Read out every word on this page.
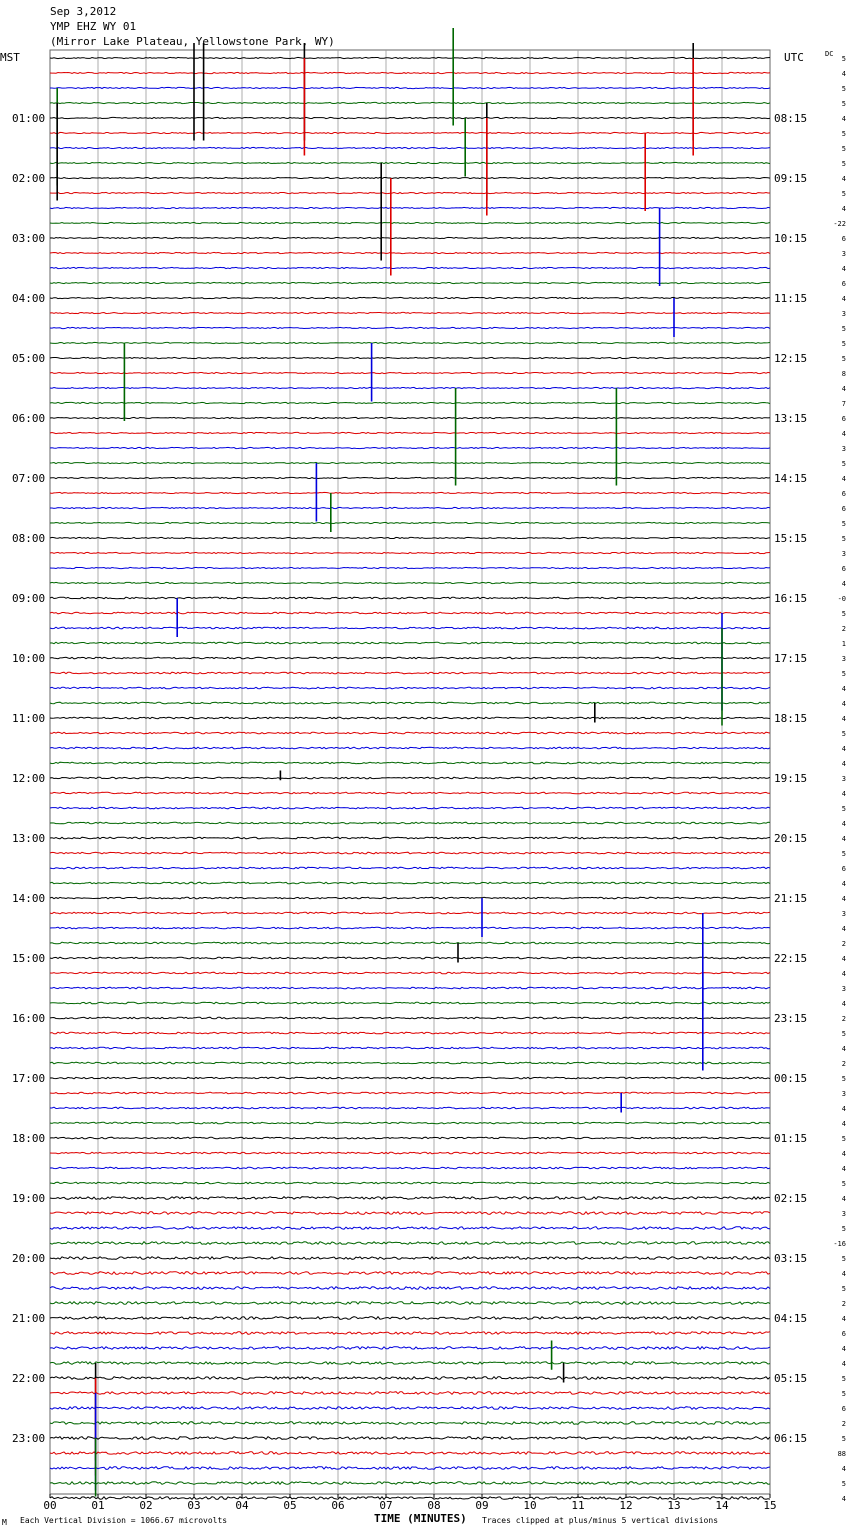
Sep 3,2012
YMP EHZ WY 01
(Mirror Lake Plateau, Yellowstone Park, WY)
MST	UTC	DC
01:00
02:00
03:00
04:00
05:00
06:00
07:00
08:00
09:00
10:00
11:00
12:00
13:00
14:00
15:00
16:00
17:00
18:00
19:00
20:00
21:00
22:00
23:00
08:15
09:15
10:15
11:15
12:15
13:15
14:15
15:15
16:15
17:15
18:15
19:15
20:15
21:15
22:15
23:15
00:15
01:15
02:15
03:15
04:15
05:15
06:15
5
4
5
5
4
5
5
5
4
5
4
-22
6
3
4
6
4
3
5
5
5
8
4
7
6
4
3
5
4
6
6
5
5
3
6
4
-0
5
2
1
3
5
4
4
4
5
4
4
3
4
5
4
4
5
6
4
4
3
4
2
4
4
3
4
2
5
4
2
5
3
4
4
5
4
4
5
4
3
5
-16
5
4
5
2
4
6
4
4
5
5
6
2
5
88
4
5
4
00	01	02	03	04	05	06	07	08	09	10	11	12	13	14	15
M Each Vertical Division = 1066.67 microvolts	TIME (MINUTES) Traces clipped at plus/minus 5 vertical divisions
